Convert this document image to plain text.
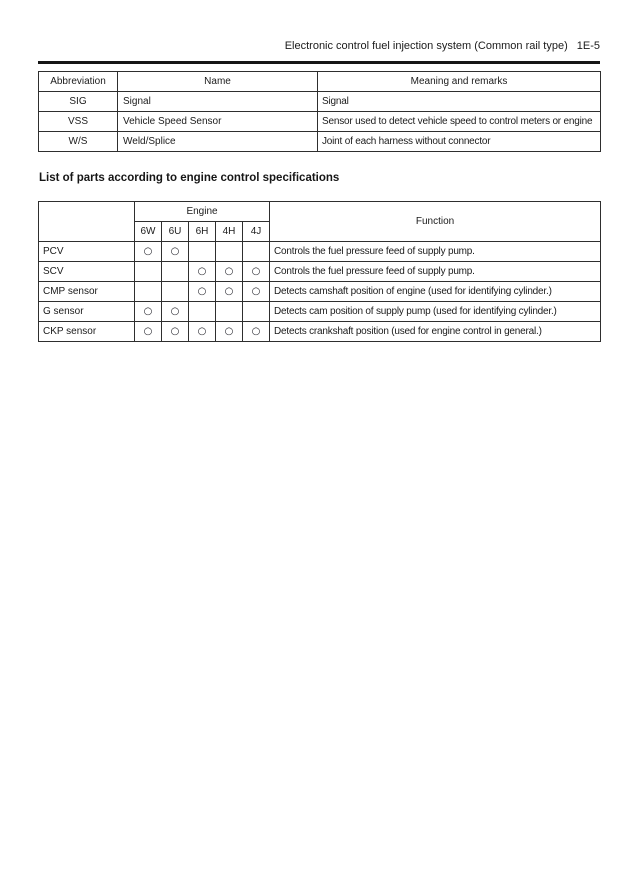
Electronic control fuel injection system (Common rail type) 1E-5
Abbreviation	Name	Meaning and remarks
SIG	Signal	Signal
VSS	Vehicle Speed Sensor	Sensor used to detect vehicle speed to control meters or engine
W/S	Weld/Splice	Joint of each harness without connector
List of parts according to engine control specifications
	Engine					Function
	6W	6U	6H	4H	4J	
PCV	○	○				Controls the fuel pressure feed of supply pump.
SCV			○	○	○	Controls the fuel pressure feed of supply pump.
CMP sensor			○	○	○	Detects camshaft position of engine (used for identifying cylinder.)
G sensor	○	○				Detects cam position of supply pump (used for identifying cylinder.)
CKP sensor	○	○	○	○	○	Detects crankshaft position (used for engine control in general.)
